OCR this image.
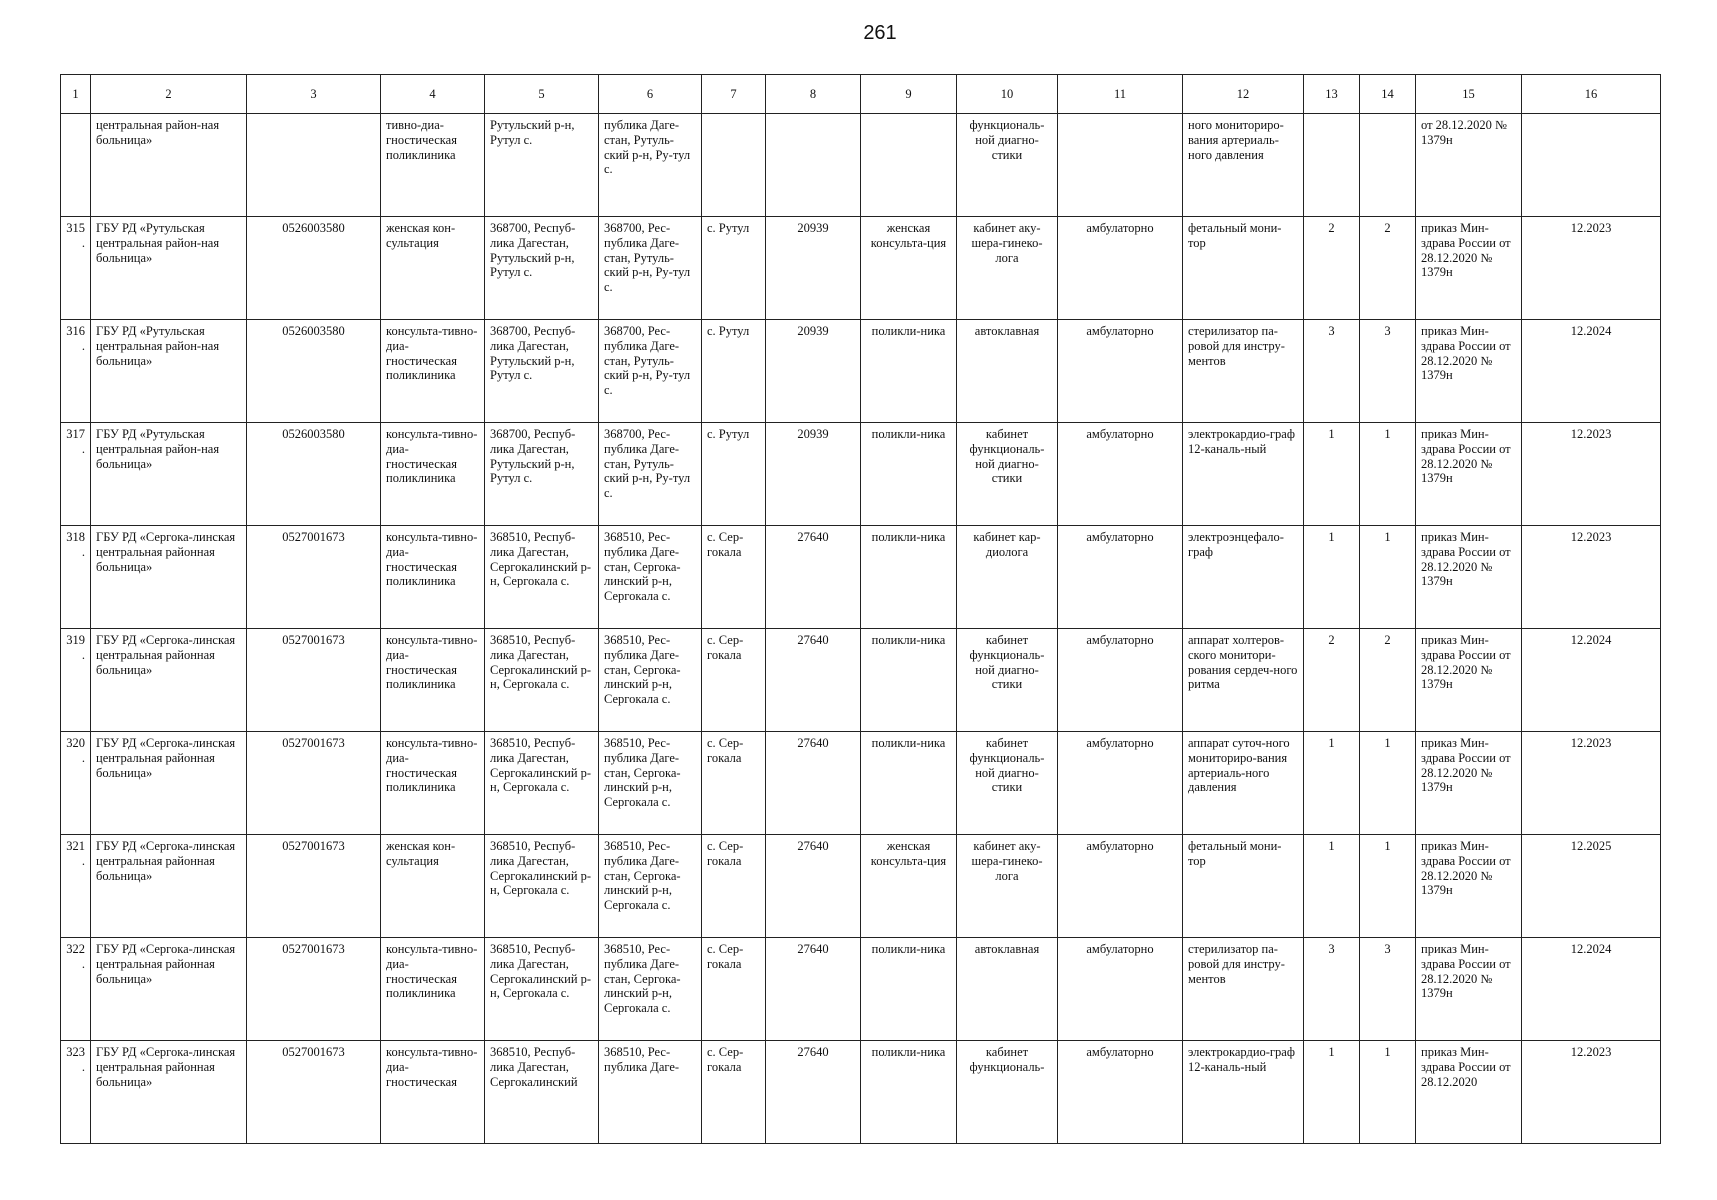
261
1	2	3	4	5	6	7	8	9	10	11	12	13	14	15	16
	центральная район-ная больница»		тивно-диа-гностическая поликлиника	Рутульский р-н, Рутул с.	публика Даге-стан, Рутуль-ский р-н, Ру-тул с.				функциональ-ной диагно-стики		ного мониториро-вания артериаль-ного давления			от 28.12.2020 № 1379н	
315.	ГБУ РД «Рутульская центральная район-ная больница»	0526003580	женская кон-сультация	368700, Респуб-лика Дагестан, Рутульский р-н, Рутул с.	368700, Рес-публика Даге-стан, Рутуль-ский р-н, Ру-тул с.	с. Рутул	20939	женская консульта-ция	кабинет аку-шера-гинеко-лога	амбулаторно	фетальный мони-тор	2	2	приказ Мин-здрава России от 28.12.2020 № 1379н	12.2023
316.	ГБУ РД «Рутульская центральная район-ная больница»	0526003580	консульта-тивно-диа-гностическая поликлиника	368700, Респуб-лика Дагестан, Рутульский р-н, Рутул с.	368700, Рес-публика Даге-стан, Рутуль-ский р-н, Ру-тул с.	с. Рутул	20939	поликли-ника	автоклавная	амбулаторно	стерилизатор па-ровой для инстру-ментов	3	3	приказ Мин-здрава России от 28.12.2020 № 1379н	12.2024
317.	ГБУ РД «Рутульская центральная район-ная больница»	0526003580	консульта-тивно-диа-гностическая поликлиника	368700, Респуб-лика Дагестан, Рутульский р-н, Рутул с.	368700, Рес-публика Даге-стан, Рутуль-ский р-н, Ру-тул с.	с. Рутул	20939	поликли-ника	кабинет функциональ-ной диагно-стики	амбулаторно	электрокардио-граф 12-каналь-ный	1	1	приказ Мин-здрава России от 28.12.2020 № 1379н	12.2023
318.	ГБУ РД «Сергока-линская центральная районная больница»	0527001673	консульта-тивно-диа-гностическая поликлиника	368510, Респуб-лика Дагестан, Сергокалинский р-н, Сергокала с.	368510, Рес-публика Даге-стан, Сергока-линский р-н, Сергокала с.	с. Сер-гокала	27640	поликли-ника	кабинет кар-диолога	амбулаторно	электроэнцефало-граф	1	1	приказ Мин-здрава России от 28.12.2020 № 1379н	12.2023
319.	ГБУ РД «Сергока-линская центральная районная больница»	0527001673	консульта-тивно-диа-гностическая поликлиника	368510, Респуб-лика Дагестан, Сергокалинский р-н, Сергокала с.	368510, Рес-публика Даге-стан, Сергока-линский р-н, Сергокала с.	с. Сер-гокала	27640	поликли-ника	кабинет функциональ-ной диагно-стики	амбулаторно	аппарат холтеров-ского монитори-рования сердеч-ного ритма	2	2	приказ Мин-здрава России от 28.12.2020 № 1379н	12.2024
320.	ГБУ РД «Сергока-линская центральная районная больница»	0527001673	консульта-тивно-диа-гностическая поликлиника	368510, Респуб-лика Дагестан, Сергокалинский р-н, Сергокала с.	368510, Рес-публика Даге-стан, Сергока-линский р-н, Сергокала с.	с. Сер-гокала	27640	поликли-ника	кабинет функциональ-ной диагно-стики	амбулаторно	аппарат суточ-ного мониториро-вания артериаль-ного давления	1	1	приказ Мин-здрава России от 28.12.2020 № 1379н	12.2023
321.	ГБУ РД «Сергока-линская центральная районная больница»	0527001673	женская кон-сультация	368510, Респуб-лика Дагестан, Сергокалинский р-н, Сергокала с.	368510, Рес-публика Даге-стан, Сергока-линский р-н, Сергокала с.	с. Сер-гокала	27640	женская консульта-ция	кабинет аку-шера-гинеко-лога	амбулаторно	фетальный мони-тор	1	1	приказ Мин-здрава России от 28.12.2020 № 1379н	12.2025
322.	ГБУ РД «Сергока-линская центральная районная больница»	0527001673	консульта-тивно-диа-гностическая поликлиника	368510, Респуб-лика Дагестан, Сергокалинский р-н, Сергокала с.	368510, Рес-публика Даге-стан, Сергока-линский р-н, Сергокала с.	с. Сер-гокала	27640	поликли-ника	автоклавная	амбулаторно	стерилизатор па-ровой для инстру-ментов	3	3	приказ Мин-здрава России от 28.12.2020 № 1379н	12.2024
323.	ГБУ РД «Сергока-линская центральная районная больница»	0527001673	консульта-тивно-диа-гностическая	368510, Респуб-лика Дагестан, Сергокалинский	368510, Рес-публика Даге-	с. Сер-гокала	27640	поликли-ника	кабинет функциональ-	амбулаторно	электрокардио-граф 12-каналь-ный	1	1	приказ Мин-здрава России от 28.12.2020	12.2023
